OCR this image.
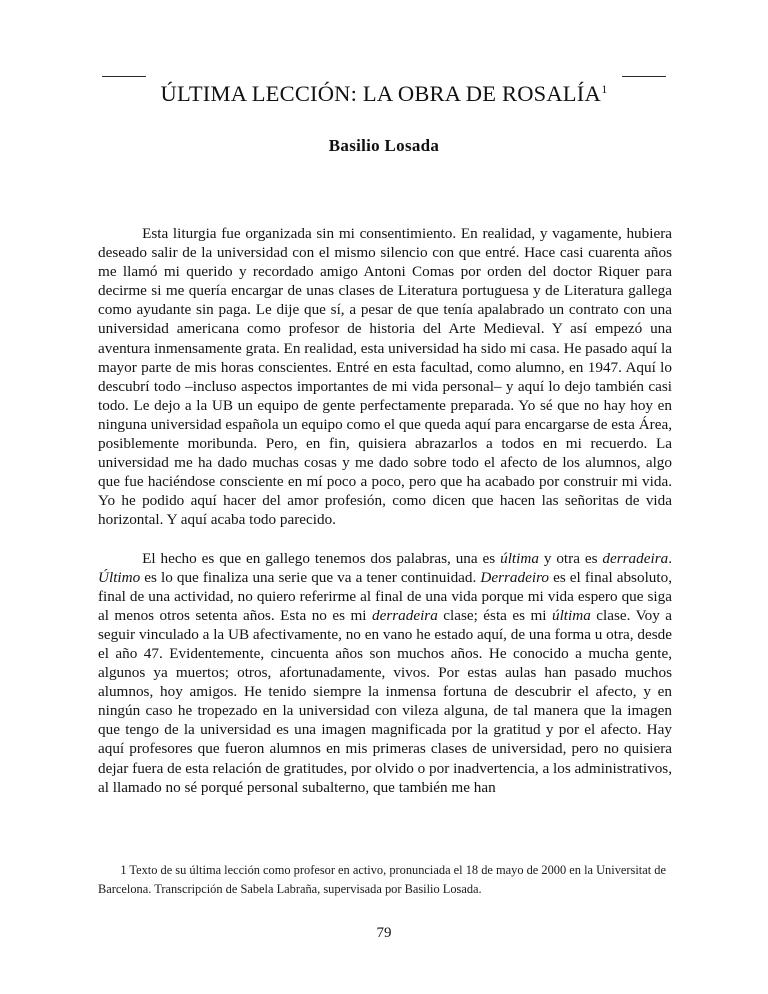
ÚLTIMA LECCIÓN: LA OBRA DE ROSALÍA$^1$
Basilio Losada

Esta liturgia fue organizada sin mi consentimiento. En realidad, y vagamente, hubiera deseado salir de la universidad con el mismo silencio con que entré. Hace casi cuarenta años me llamó mi querido y recordado amigo Antoni Comas por orden del doctor Riquer para decirme si me quería encargar de unas clases de Literatura portuguesa y de Literatura gallega como ayudante sin paga. Le dije que sí, a pesar de que tenía apalabrado un contrato con una universidad americana como profesor de historia del Arte Medieval. Y así empezó una aventura inmensamente grata. En realidad, esta universidad ha sido mi casa. He pasado aquí la mayor parte de mis horas conscientes. Entré en esta facultad, como alumno, en 1947. Aquí lo descubrí todo –incluso aspectos importantes de mi vida personal– y aquí lo dejo también casi todo. Le dejo a la UB un equipo de gente perfectamente preparada. Yo sé que no hay hoy en ninguna universidad española un equipo como el que queda aquí para encargarse de esta Área, posiblemente moribunda. Pero, en fin, quisiera abrazarlos a todos en mi recuerdo. La universidad me ha dado muchas cosas y me dado sobre todo el afecto de los alumnos, algo que fue haciéndose consciente en mí poco a poco, pero que ha acabado por construir mi vida. Yo he podido aquí hacer del amor profesión, como dicen que hacen las señoritas de vida horizontal. Y aquí acaba todo parecido.

El hecho es que en gallego tenemos dos palabras, una es última y otra es derradeira. Último es lo que finaliza una serie que va a tener continuidad. Derradeiro es el final absoluto, final de una actividad, no quiero referirme al final de una vida porque mi vida espero que siga al menos otros setenta años. Esta no es mi derradeira clase; ésta es mi última clase. Voy a seguir vinculado a la UB afectivamente, no en vano he estado aquí, de una forma u otra, desde el año 47. Evidentemente, cincuenta años son muchos años. He conocido a mucha gente, algunos ya muertos; otros, afortunadamente, vivos. Por estas aulas han pasado muchos alumnos, hoy amigos. He tenido siempre la inmensa fortuna de descubrir el afecto, y en ningún caso he tropezado en la universidad con vileza alguna, de tal manera que la imagen que tengo de la universidad es una imagen magnificada por la gratitud y por el afecto. Hay aquí profesores que fueron alumnos en mis primeras clases de universidad, pero no quisiera dejar fuera de esta relación de gratitudes, por olvido o por inadvertencia, a los administrativos, al llamado no sé porqué personal subalterno, que también me han

1 Texto de su última lección como profesor en activo, pronunciada el 18 de mayo de 2000 en la Universitat de Barcelona. Transcripción de Sabela Labraña, supervisada por Basilio Losada.
79
